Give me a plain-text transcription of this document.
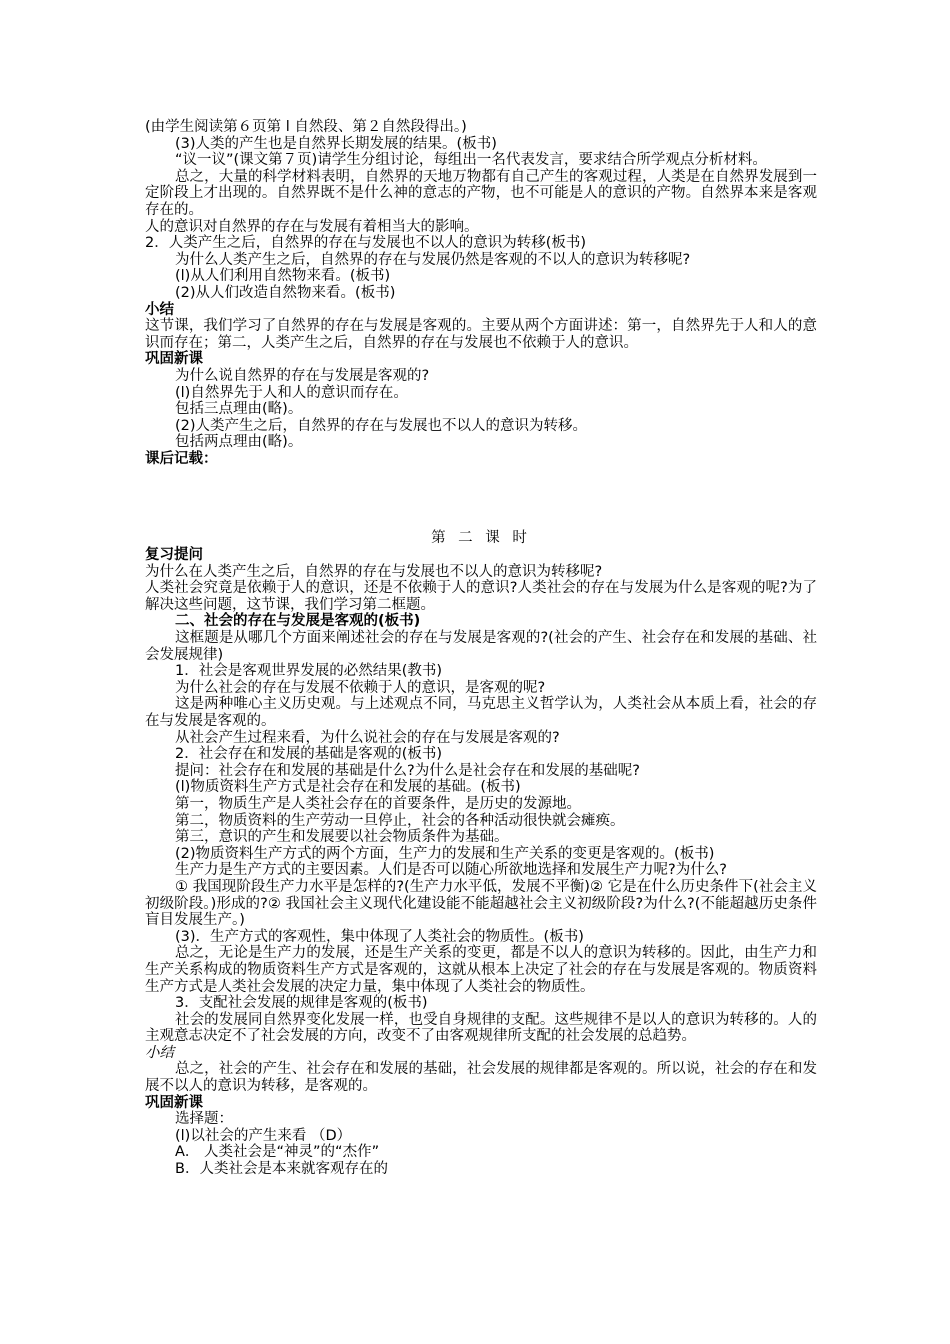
(由学生阅读第６页第 l 自然段、第２自然段得出。)

(3)人类的产生也是自然界长期发展的结果。(板书)

“议一议”(课文第７页)请学生分组讨论，每组出一名代表发言，要求结合所学观点分析材料。

总之，大量的科学材料表明，自然界的天地万物都有自己产生的客观过程，人类是在自然界发展到一定阶段上才出现的。自然界既不是什么神的意志的产物，也不可能是人的意识的产物。自然界本来是客观存在的。

人的意识对自然界的存在与发展有着相当大的影响。

2．人类产生之后，自然界的存在与发展也不以人的意识为转移(板书)

为什么人类产生之后，自然界的存在与发展仍然是客观的不以人的意识为转移呢?

(l)从人们利用自然物来看。(板书)

(2)从人们改造自然物来看。(板书)

小结

这节课，我们学习了自然界的存在与发展是客观的。主要从两个方面讲述：第一，自然界先于人和人的意识而存在；第二，人类产生之后，自然界的存在与发展也不依赖于人的意识。

巩固新课

为什么说自然界的存在与发展是客观的?

(l)自然界先于人和人的意识而存在。

包括三点理由(略)。

(2)人类产生之后，自然界的存在与发展也不以人的意识为转移。

包括两点理由(略)。

课后记载：

第 二 课 时

复习提问

为什么在人类产生之后，自然界的存在与发展也不以人的意识为转移呢?

人类社会究竟是依赖于人的意识，还是不依赖于人的意识?人类社会的存在与发展为什么是客观的呢?为了解决这些问题，这节课，我们学习第二框题。

二、社会的存在与发展是客观的(板书)

这框题是从哪几个方面来阐述社会的存在与发展是客观的?(社会的产生、社会存在和发展的基础、社会发展规律)

1．社会是客观世界发展的必然结果(教书)

为什么社会的存在与发展不依赖于人的意识，是客观的呢?

这是两种唯心主义历史观。与上述观点不同，马克思主义哲学认为，人类社会从本质上看，社会的存在与发展是客观的。

从社会产生过程来看，为什么说社会的存在与发展是客观的?

2．社会存在和发展的基础是客观的(板书)

提问：社会存在和发展的基础是什么?为什么是社会存在和发展的基础呢?

(l)物质资料生产方式是社会存在和发展的基础。(板书)

第一，物质生产是人类社会存在的首要条件，是历史的发源地。

第二，物质资料的生产劳动一旦停止，社会的各种活动很快就会瘫痪。

第三，意识的产生和发展要以社会物质条件为基础。

(2)物质资料生产方式的两个方面，生产力的发展和生产关系的变更是客观的。(板书)

生产力是生产方式的主要因素。人们是否可以随心所欲地选择和发展生产力呢?为什么?

① 我国现阶段生产力水平是怎样的?(生产力水平低，发展不平衡)② 它是在什么历史条件下(社会主义初级阶段。)形成的?② 我国社会主义现代化建设能不能超越社会主义初级阶段?为什么?(不能超越历史条件盲目发展生产。)

(3)．生产方式的客观性，集中体现了人类社会的物质性。(板书)

总之，无论是生产力的发展，还是生产关系的变更，都是不以人的意识为转移的。因此，由生产力和生产关系构成的物质资料生产方式是客观的，这就从根本上决定了社会的存在与发展是客观的。物质资料生产方式是人类社会发展的决定力量，集中体现了人类社会的物质性。

3．支配社会发展的规律是客观的(板书)

社会的发展同自然界变化发展一样，也受自身规律的支配。这些规律不是以人的意识为转移的。人的主观意志决定不了社会发展的方向，改变不了由客观规律所支配的社会发展的总趋势。

小结

总之，社会的产生、社会存在和发展的基础，社会发展的规律都是客观的。所以说，社会的存在和发展不以人的意识为转移，是客观的。

巩固新课

选择题：

(l)以社会的产生来看 （D）

A． 人类社会是“神灵”的“杰作”

B．人类社会是本来就客观存在的
